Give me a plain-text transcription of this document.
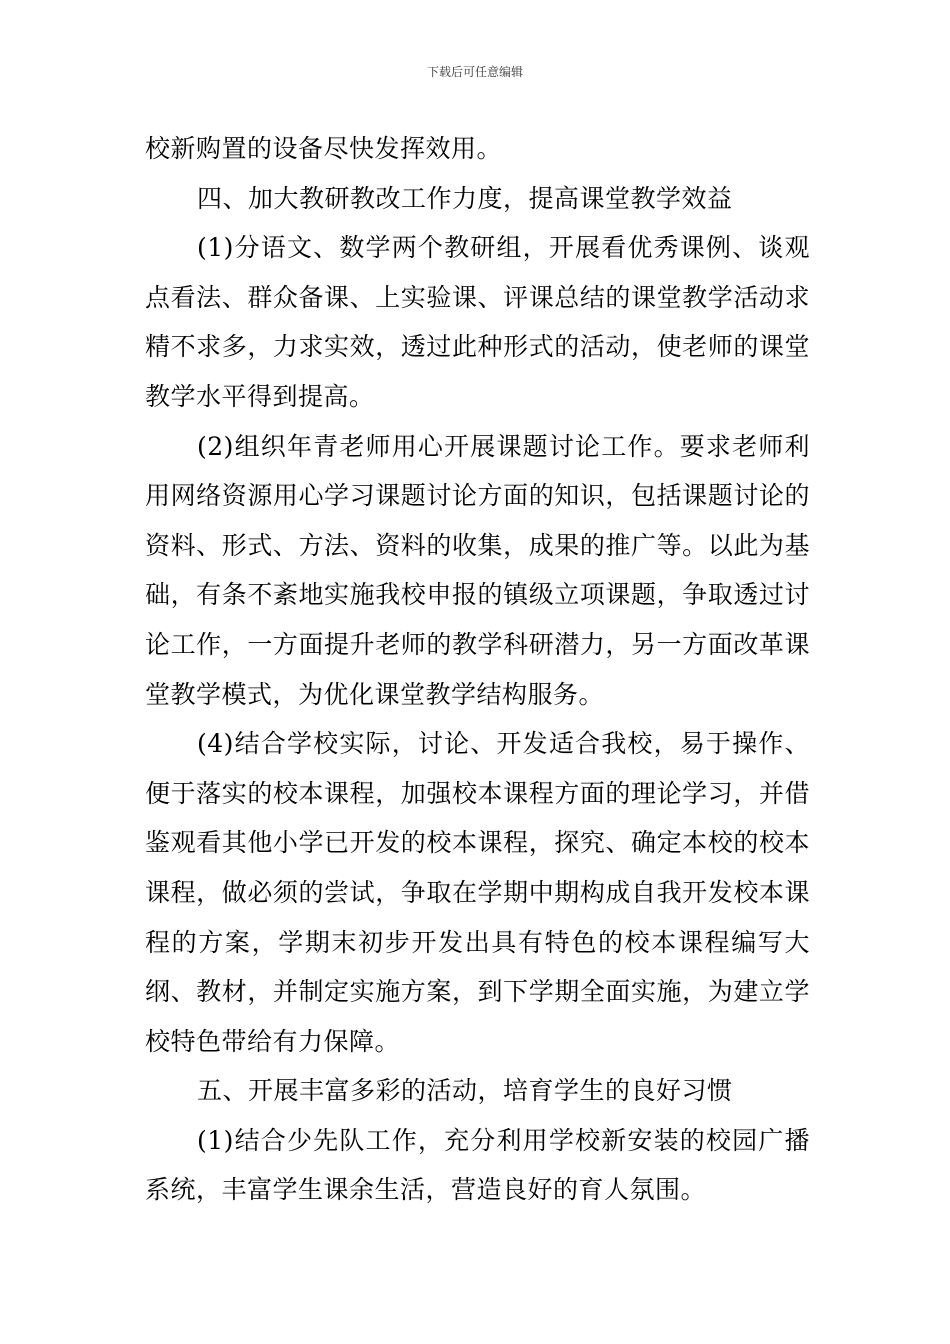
下载后可任意编辑

校新购置的设备尽快发挥效用。

四、加大教研教改工作力度，提高课堂教学效益

(1)分语文、数学两个教研组，开展看优秀课例、谈观点看法、群众备课、上实验课、评课总结的课堂教学活动求精不求多，力求实效，透过此种形式的活动，使老师的课堂教学水平得到提高。

(2)组织年青老师用心开展课题讨论工作。要求老师利用网络资源用心学习课题讨论方面的知识，包括课题讨论的资料、形式、方法、资料的收集，成果的推广等。以此为基础，有条不紊地实施我校申报的镇级立项课题，争取透过讨论工作，一方面提升老师的教学科研潜力，另一方面改革课堂教学模式，为优化课堂教学结构服务。

(4)结合学校实际，讨论、开发适合我校，易于操作、便于落实的校本课程，加强校本课程方面的理论学习，并借鉴观看其他小学已开发的校本课程，探究、确定本校的校本课程，做必须的尝试，争取在学期中期构成自我开发校本课程的方案，学期末初步开发出具有特色的校本课程编写大纲、教材，并制定实施方案，到下学期全面实施，为建立学校特色带给有力保障。

五、开展丰富多彩的活动，培育学生的良好习惯

(1)结合少先队工作，充分利用学校新安装的校园广播系统，丰富学生课余生活，营造良好的育人氛围。
